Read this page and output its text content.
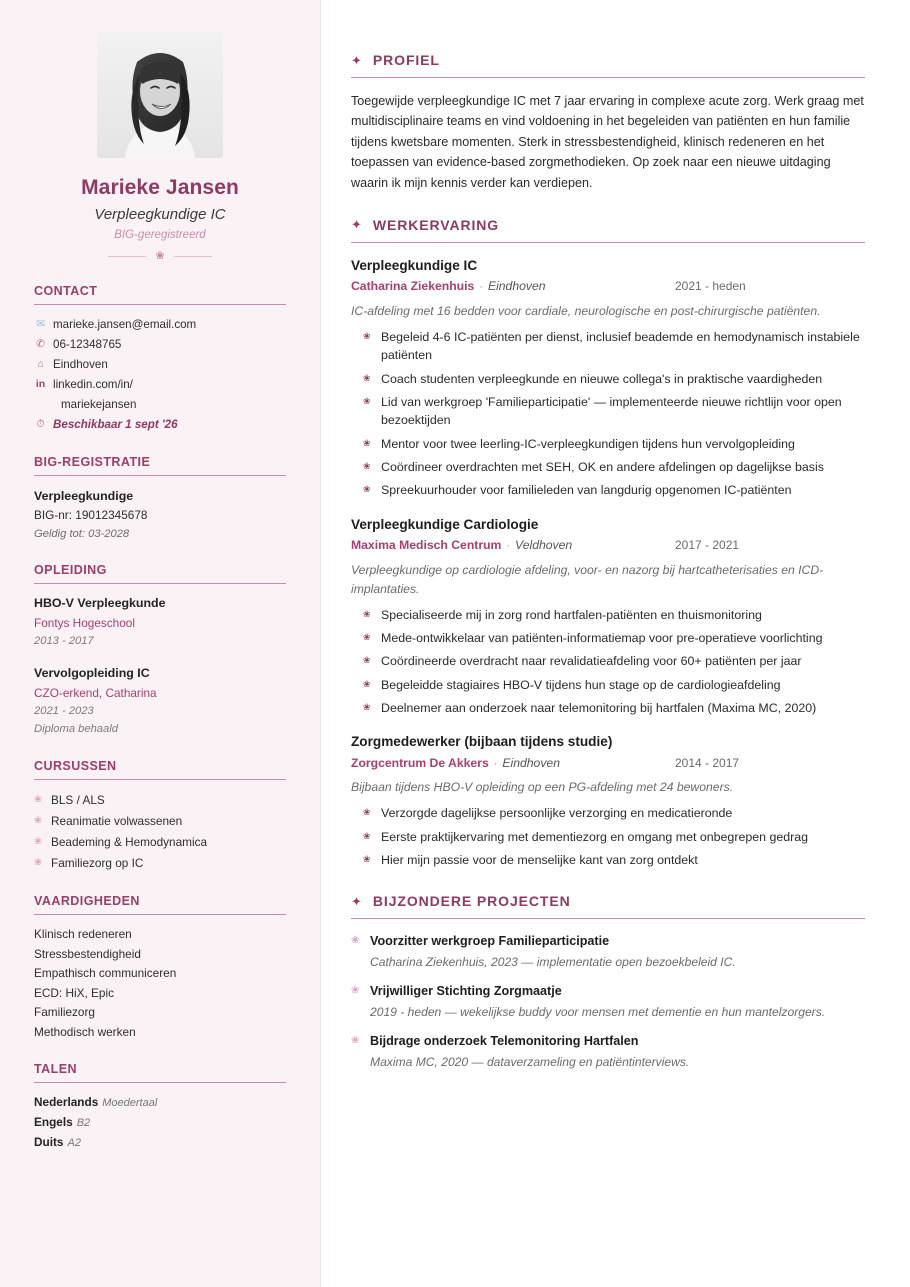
Marieke Jansen
Verpleegkundige IC
BIG-geregistreerd
❀
CONTACT
✉ marieke.jansen@email.com
✆ 06-12348765
⌂ Eindhoven
in linkedin.com/in/
mariekejansen
⏱ Beschikbaar 1 sept '26
BIG-REGISTRATIE
Verpleegkundige
BIG-nr: 19012345678
Geldig tot: 03-2028
OPLEIDING
HBO-V Verpleegkunde
Fontys Hogeschool
2013 - 2017
Vervolgopleiding IC
CZO-erkend, Catharina
2021 - 2023
Diploma behaald
CURSUSSEN
❀ BLS / ALS
❀ Reanimatie volwassenen
❀ Beademing & Hemodynamica
❀ Familiezorg op IC
VAARDIGHEDEN
Klinisch redeneren
Stressbestendigheid
Empathisch communiceren
ECD: HiX, Epic
Familiezorg
Methodisch werken
TALEN
Nederlands Moedertaal
Engels B2
Duits A2
✦ PROFIEL

Toegewijde verpleegkundige IC met 7 jaar ervaring in complexe acute zorg. Werk graag met multidisciplinaire teams en vind voldoening in het begeleiden van patiënten en hun familie tijdens kwetsbare momenten. Sterk in stressbestendigheid, klinisch redeneren en het toepassen van evidence-based zorgmethodieken. Op zoek naar een nieuwe uitdaging waarin ik mijn kennis verder kan verdiepen.

✦ WERKERVARING
Verpleegkundige IC
Catharina Ziekenhuis · Eindhoven	2021 - heden
IC-afdeling met 16 bedden voor cardiale, neurologische en post-chirurgische patiënten.
❀ Begeleid 4-6 IC-patiënten per dienst, inclusief beademde en hemodynamisch instabiele patiënten
❀ Coach studenten verpleegkunde en nieuwe collega's in praktische vaardigheden
❀ Lid van werkgroep 'Familieparticipatie' — implementeerde nieuwe richtlijn voor open bezoektijden
❀ Mentor voor twee leerling-IC-verpleegkundigen tijdens hun vervolgopleiding
❀ Coördineer overdrachten met SEH, OK en andere afdelingen op dagelijkse basis
❀ Spreekuurhouder voor familieleden van langdurig opgenomen IC-patiënten
Verpleegkundige Cardiologie
Maxima Medisch Centrum · Veldhoven	2017 - 2021
Verpleegkundige op cardiologie afdeling, voor- en nazorg bij hartcatheterisaties en ICD-implantaties.
❀ Specialiseerde mij in zorg rond hartfalen-patiënten en thuismonitoring
❀ Mede-ontwikkelaar van patiënten-informatiemap voor pre-operatieve voorlichting
❀ Coördineerde overdracht naar revalidatieafdeling voor 60+ patiënten per jaar
❀ Begeleidde stagiaires HBO-V tijdens hun stage op de cardiologieafdeling
❀ Deelnemer aan onderzoek naar telemonitoring bij hartfalen (Maxima MC, 2020)
Zorgmedewerker (bijbaan tijdens studie)
Zorgcentrum De Akkers · Eindhoven	2014 - 2017
Bijbaan tijdens HBO-V opleiding op een PG-afdeling met 24 bewoners.
❀ Verzorgde dagelijkse persoonlijke verzorging en medicatieronde
❀ Eerste praktijkervaring met dementiezorg en omgang met onbegrepen gedrag
❀ Hier mijn passie voor de menselijke kant van zorg ontdekt
✦ BIJZONDERE PROJECTEN
❀ Voorzitter werkgroep Familieparticipatie
Catharina Ziekenhuis, 2023 — implementatie open bezoekbeleid IC.
❀ Vrijwilliger Stichting Zorgmaatje
2019 - heden — wekelijkse buddy voor mensen met dementie en hun mantelzorgers.
❀ Bijdrage onderzoek Telemonitoring Hartfalen
Maxima MC, 2020 — dataverzameling en patiëntinterviews.
